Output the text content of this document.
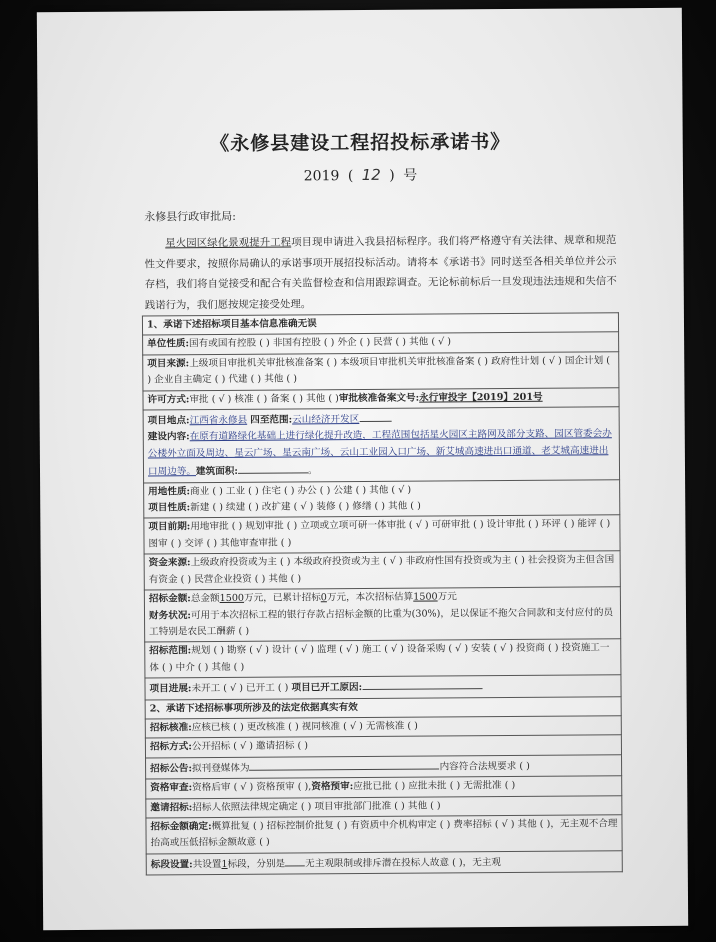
《永修县建设工程招投标承诺书》
2019 ( 12 ) 号
永修县行政审批局:
星火园区绿化景观提升工程项目现申请进入我县招标程序。我们将严格遵守有关法律、规章和规范性文件要求，按照你局确认的承诺事项开展招投标活动。请将本《承诺书》同时送至各相关单位并公示存档，我们将自觉接受和配合有关监督检查和信用跟踪调查。无论标前标后一旦发现违法违规和失信不践诺行为，我们愿按规定接受处理。
1、承诺下述招标项目基本信息准确无误
单位性质:国有或国有控股 ( ) 非国有控股 ( ) 外企 ( ) 民营 ( ) 其他 ( √ )
项目来源:上级项目审批机关审批核准备案 ( ) 本级项目审批机关审批核准备案 ( ) 政府性计划 ( √ ) 国企计划 ( ) 企业自主确定 ( ) 代建 ( ) 其他 ( )
许可方式:审批 ( √ ) 核准 ( ) 备案 ( ) 其他 ( )审批核准备案文号:永行审投字【2019】201号
项目地点:江西省永修县 四至范围:云山经济开发区
建设内容:在原有道路绿化基础上进行绿化提升改造，工程范围包括星火园区主路网及部分支路、园区管委会办公楼外立面及周边、星云广场、星云南广场、云山工业园入口广场、新艾城高速进出口通道、老艾城高速进出口周边等。建筑面积:	。
用地性质:商业 ( ) 工业 ( ) 住宅 ( ) 办公 ( ) 公建 ( ) 其他 ( √ )
项目性质:新建 ( ) 续建 ( ) 改扩建 ( √ ) 装修 ( ) 修缮 ( ) 其他 ( )
项目前期:用地审批 ( ) 规划审批 ( ) 立项或立项可研一体审批 ( √ ) 可研审批 ( ) 设计审批 ( ) 环评 ( ) 能评 ( ) 图审 ( ) 交评 ( ) 其他审查审批 ( )
资金来源:上级政府投资或为主 ( ) 本级政府投资或为主 ( √ ) 非政府性国有投资或为主 ( ) 社会投资为主但含国有资金 ( ) 民营企业投资 ( ) 其他 ( )
招标金额:总金额1500万元，已累计招标0万元，本次招标估算1500万元
财务状况:可用于本次招标工程的银行存款占招标金额的比重为(30%)，足以保证不拖欠合同款和支付应付的员工特别是农民工酬薪 ( )
招标范围:规划 ( ) 勘察 ( √ ) 设计 ( √ ) 监理 ( √ ) 施工 ( √ ) 设备采购 ( √ ) 安装 ( √ ) 投资商 ( ) 投资施工一体 ( ) 中介 ( ) 其他 ( )
项目进展:未开工 ( √ ) 已开工 ( ) 项目已开工原因:
2、承诺下述招标事项所涉及的法定依据真实有效
招标核准:应核已核 ( ) 更改核准 ( ) 视同核准 ( √ ) 无需核准 ( )
招标方式:公开招标 ( √ ) 邀请招标 ( )
招标公告:拟刊登媒体为	内容符合法规要求 ( )
资格审查:资格后审 ( √ ) 资格预审 ( ),资格预审:应批已批 ( ) 应批未批 ( ) 无需批准 ( )
邀请招标:招标人依照法律规定确定 ( ) 项目审批部门批准 ( ) 其他 ( )
招标金额确定:概算批复 ( ) 招标控制价批复 ( ) 有资质中介机构审定 ( ) 费率招标 ( √ ) 其他 ( )，无主观不合理抬高或压低招标金额故意 ( )
标段设置:共设置1标段，分别是 无主观限制或排斥潜在投标人故意 ( )，无主观
